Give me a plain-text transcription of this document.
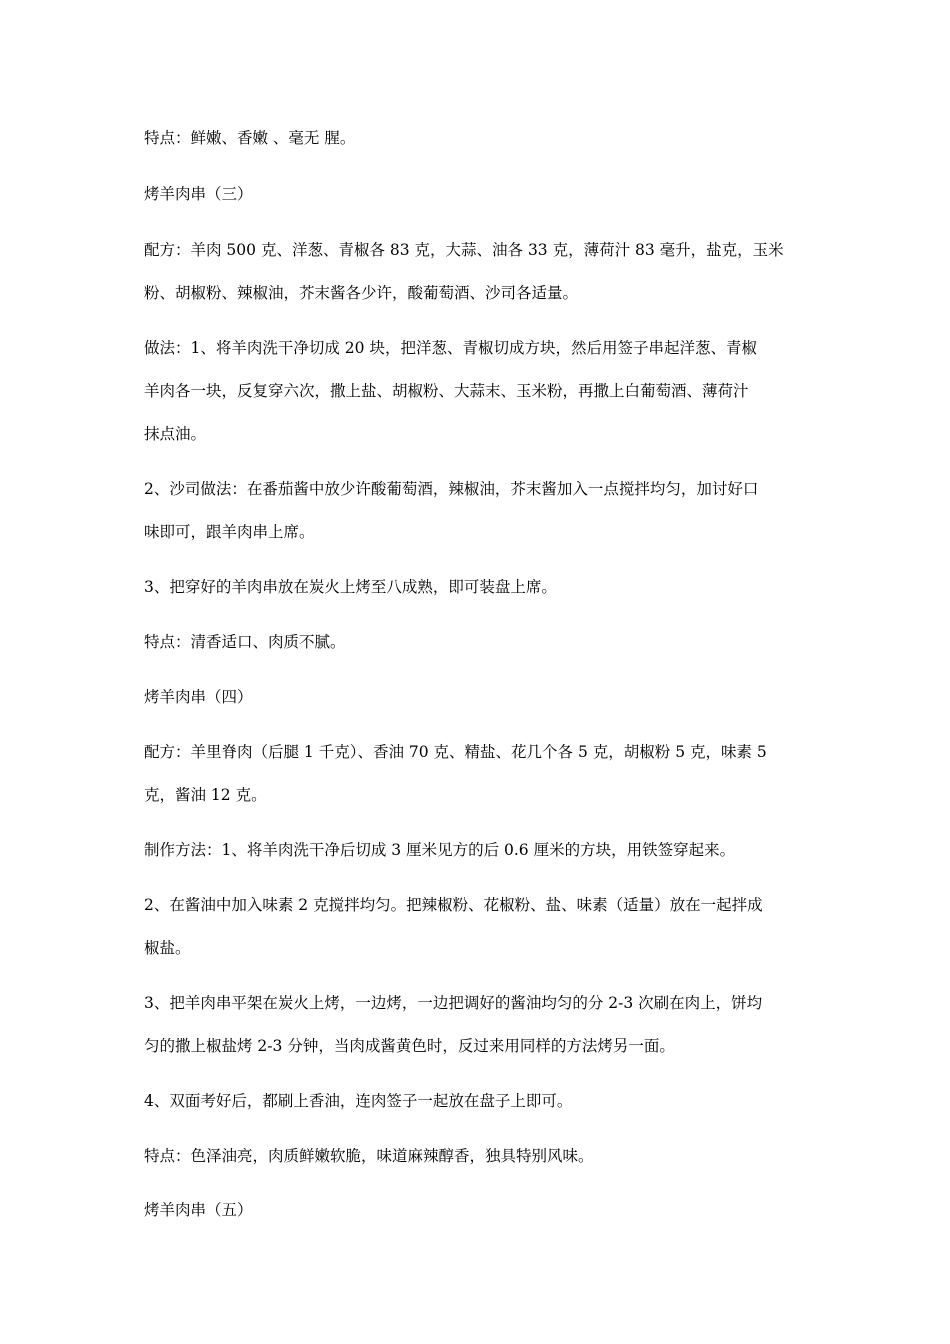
特点：鲜嫩、香嫩 、毫无 腥。
烤羊肉串（三）
配方：羊肉 500 克、洋葱、青椒各 83 克，大蒜、油各 33 克，薄荷汁 83 毫升，盐克，玉米
粉、胡椒粉、辣椒油，芥末酱各少许，酸葡萄酒、沙司各适量。
做法：1、将羊肉洗干净切成 20 块，把洋葱、青椒切成方块，然后用签子串起洋葱、青椒
羊肉各一块，反复穿六次，撒上盐、胡椒粉、大蒜末、玉米粉，再撒上白葡萄酒、薄荷汁
抹点油。
2、沙司做法：在番茄酱中放少许酸葡萄酒，辣椒油，芥末酱加入一点搅拌均匀，加讨好口
味即可，跟羊肉串上席。
3、把穿好的羊肉串放在炭火上烤至八成熟，即可装盘上席。
特点：清香适口、肉质不腻。
烤羊肉串（四）
配方：羊里脊肉（后腿 1 千克）、香油 70 克、精盐、花几个各 5 克，胡椒粉 5 克，味素 5
克，酱油 12 克。
制作方法：1、将羊肉洗干净后切成 3 厘米见方的后 0.6 厘米的方块，用铁签穿起来。
2、在酱油中加入味素 2 克搅拌均匀。把辣椒粉、花椒粉、盐、味素（适量）放在一起拌成
椒盐。
3、把羊肉串平架在炭火上烤，一边烤，一边把调好的酱油均匀的分 2-3 次刷在肉上，饼均
匀的撒上椒盐烤 2-3 分钟，当肉成酱黄色时，反过来用同样的方法烤另一面。
4、双面考好后，都刷上香油，连肉签子一起放在盘子上即可。
特点：色泽油亮，肉质鲜嫩软脆，味道麻辣醇香，独具特别风味。
烤羊肉串（五）
